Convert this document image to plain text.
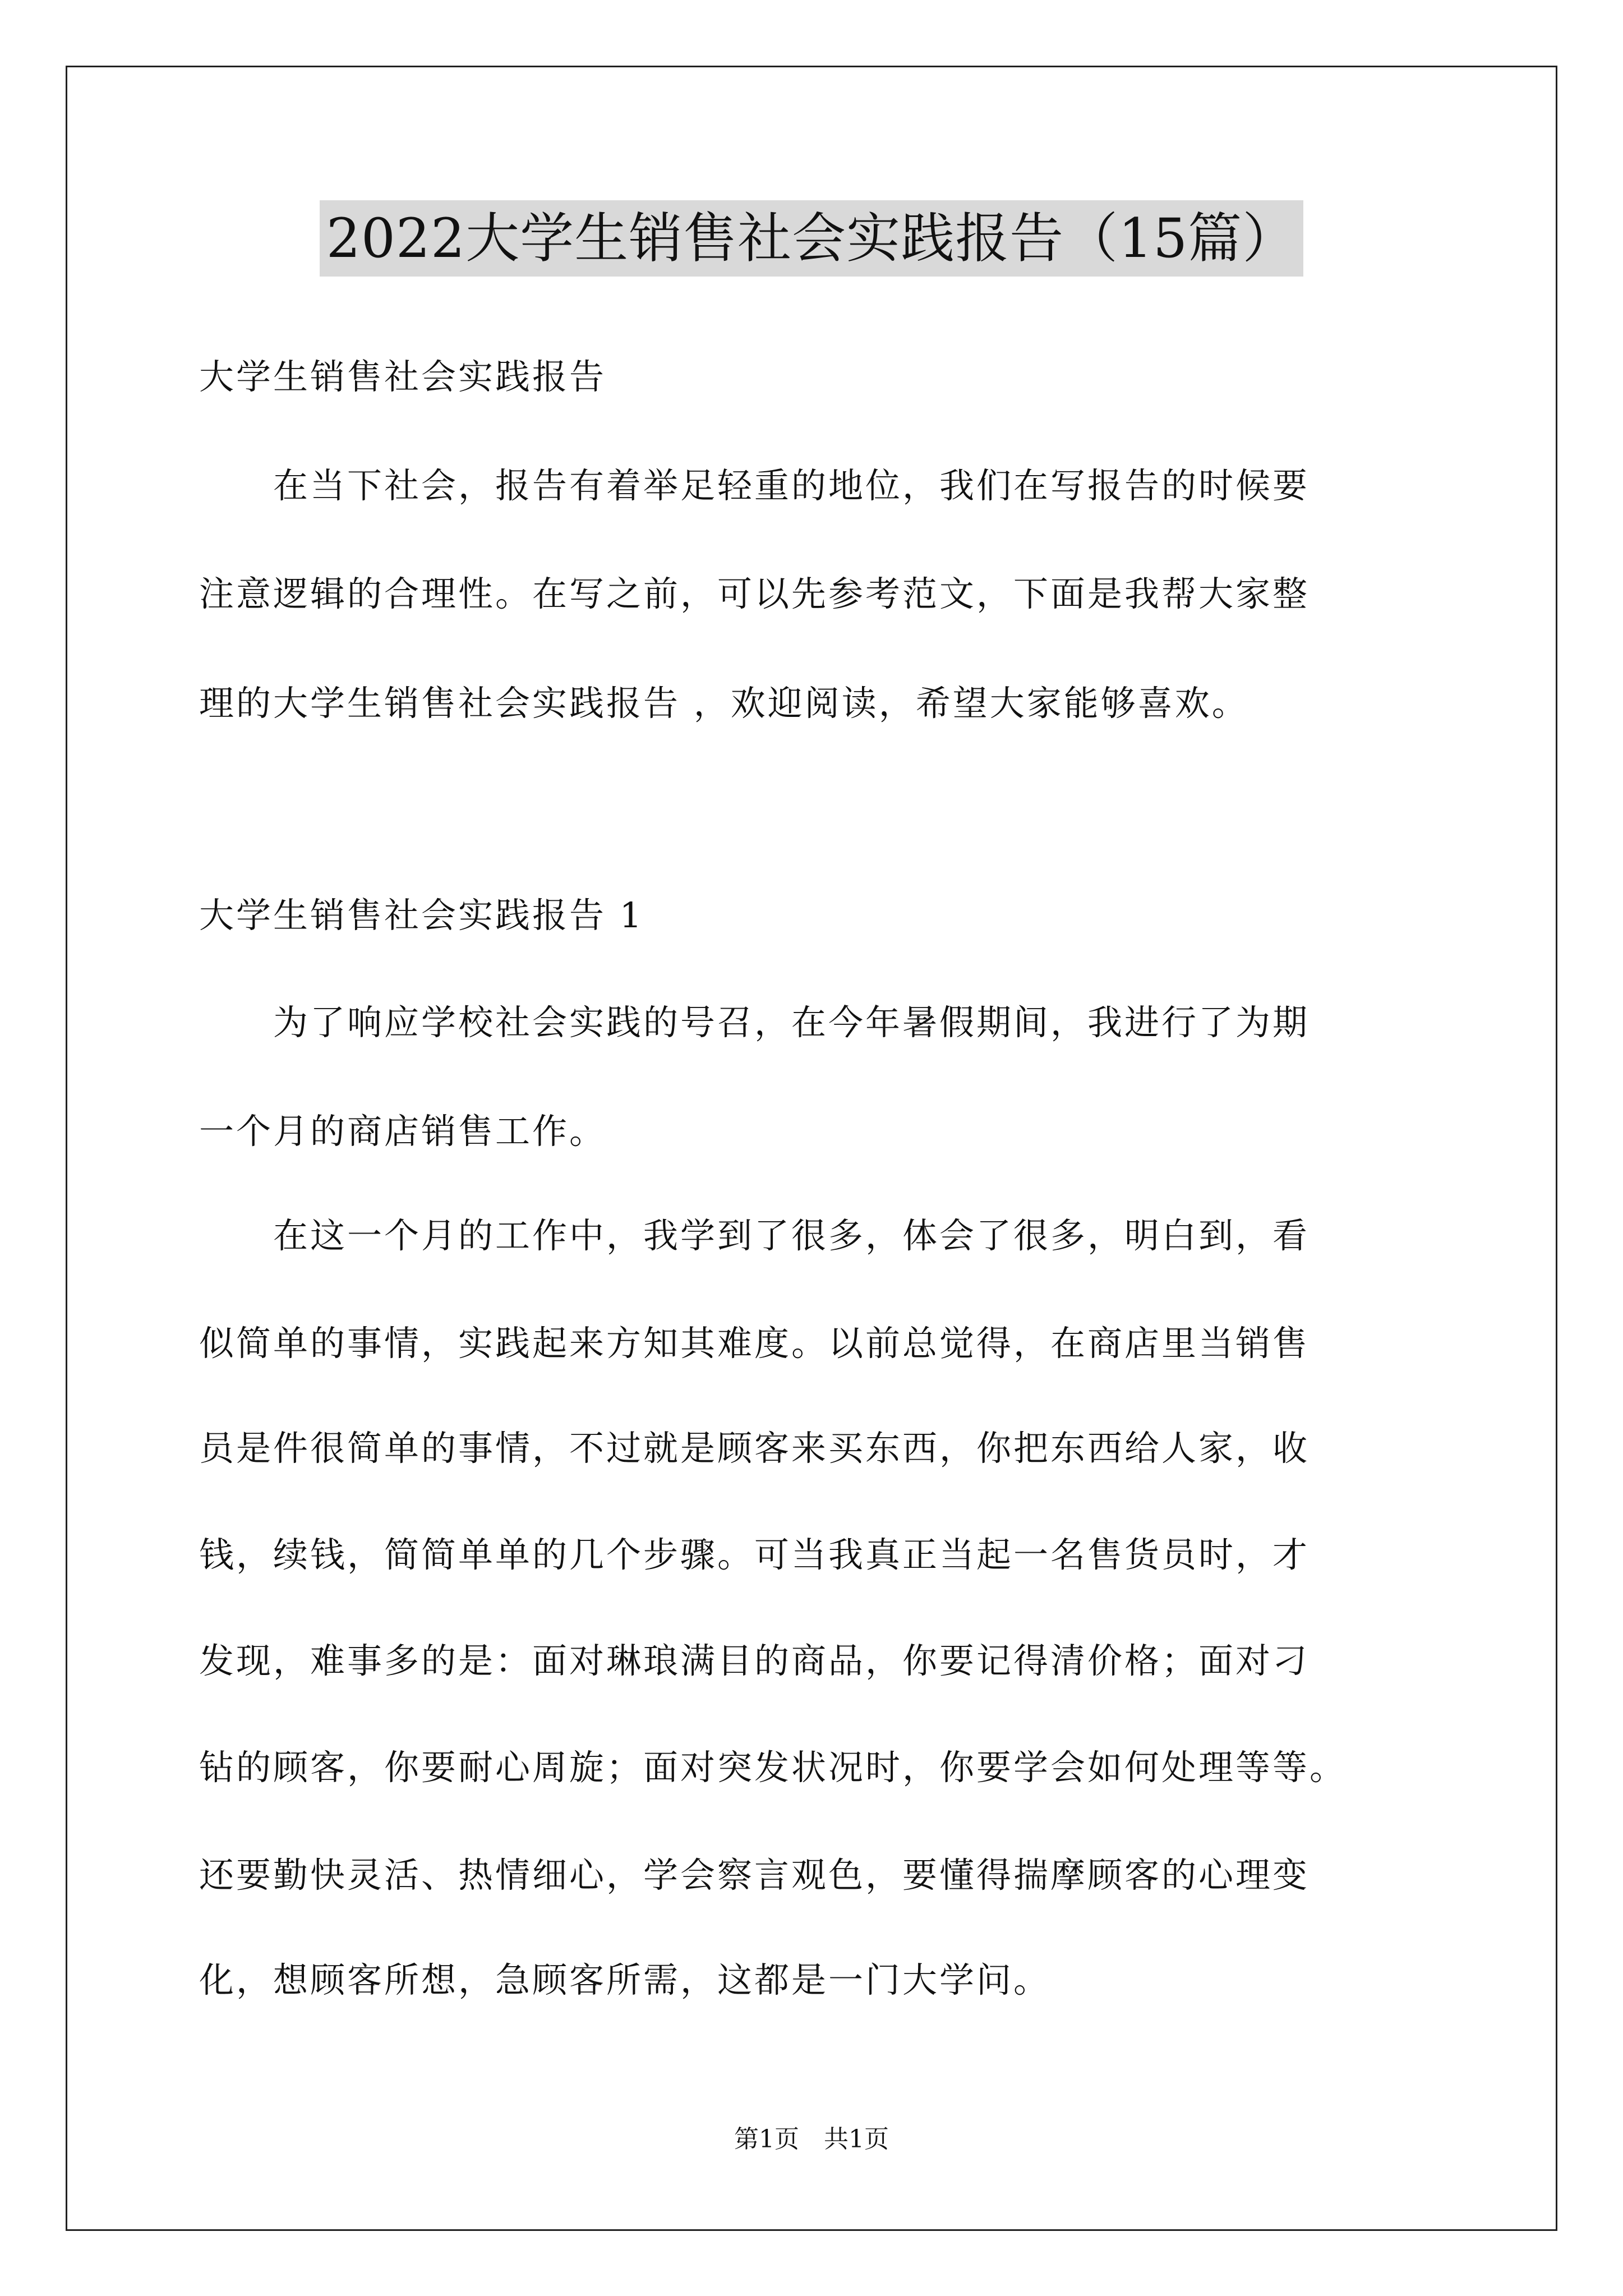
2022大学生销售社会实践报告（15篇）
大学生销售社会实践报告
　　在当下社会，报告有着举足轻重的地位，我们在写报告的时候要
注意逻辑的合理性。在写之前，可以先参考范文，下面是我帮大家整
理的大学生销售社会实践报告 ，欢迎阅读，希望大家能够喜欢。
大学生销售社会实践报告 1
　　为了响应学校社会实践的号召，在今年暑假期间，我进行了为期
一个月的商店销售工作。
　　在这一个月的工作中，我学到了很多，体会了很多，明白到，看
似简单的事情，实践起来方知其难度。以前总觉得，在商店里当销售
员是件很简单的事情，不过就是顾客来买东西，你把东西给人家，收
钱，续钱，简简单单的几个步骤。可当我真正当起一名售货员时，才
发现，难事多的是：面对琳琅满目的商品，你要记得清价格；面对刁
钻的顾客，你要耐心周旋；面对突发状况时，你要学会如何处理等等。
还要勤快灵活、热情细心，学会察言观色，要懂得揣摩顾客的心理变
化，想顾客所想，急顾客所需，这都是一门大学问。
第1页　共1页
